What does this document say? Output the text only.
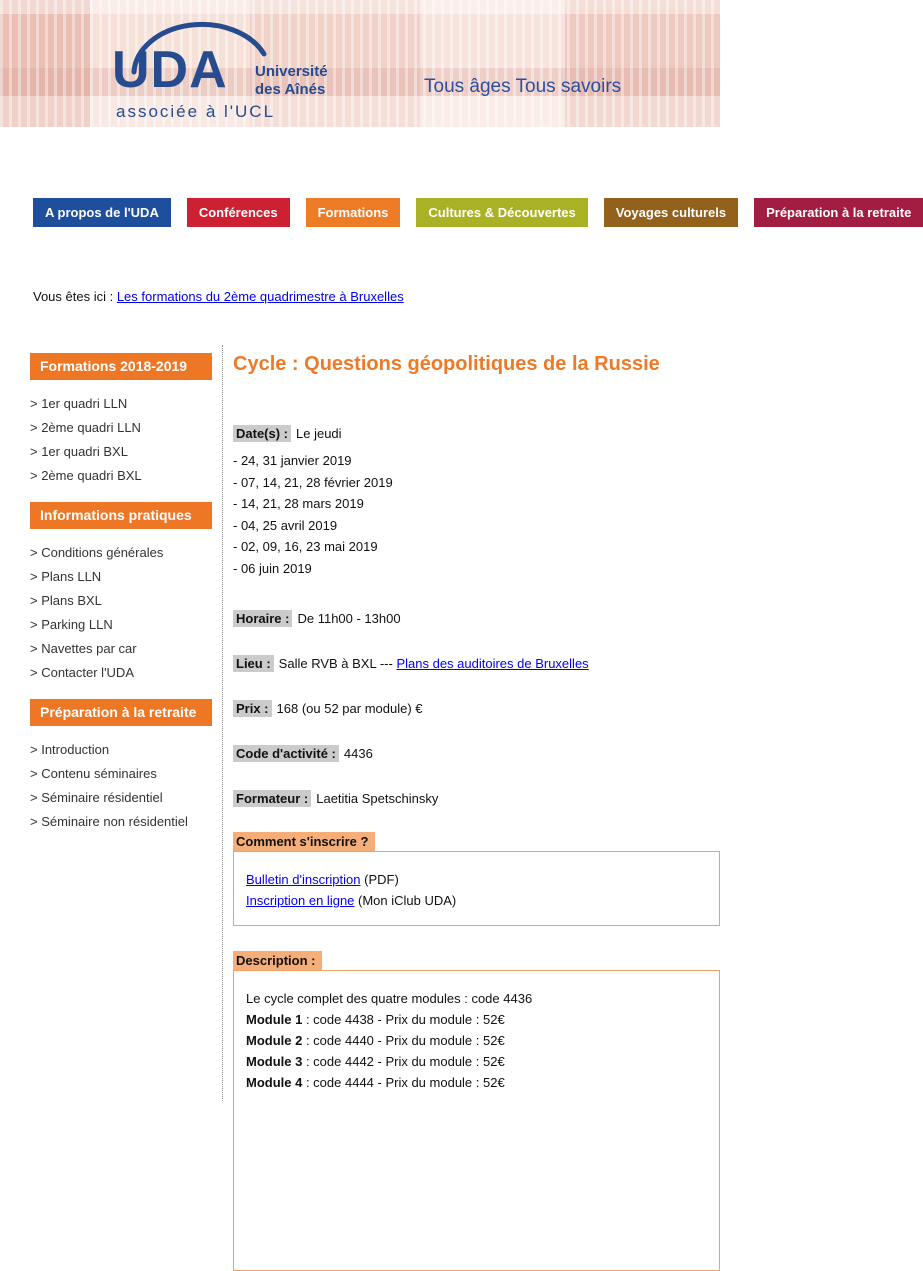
UDA Université
des Aînés
associée à l'UCL
Tous âges Tous savoirs
A propos de l'UDA	Conférences	Formations	Cultures & Découvertes	Voyages culturels	Préparation à la retraite
Vous êtes ici : Les formations du 2ème quadrimestre à Bruxelles
Formations 2018-2019
> 1er quadri LLN
> 2ème quadri LLN
> 1er quadri BXL
> 2ème quadri BXL
Informations pratiques
> Conditions générales
> Plans LLN
> Plans BXL
> Parking LLN
> Navettes par car
> Contacter l'UDA
Préparation à la retraite
> Introduction
> Contenu séminaires
> Séminaire résidentiel
> Séminaire non résidentiel
Cycle : Questions géopolitiques de la Russie
Date(s) : Le jeudi
- 24, 31 janvier 2019
- 07, 14, 21, 28 février 2019
- 14, 21, 28 mars 2019
- 04, 25 avril 2019
- 02, 09, 16, 23 mai 2019
- 06 juin 2019
Horaire : De 11h00 - 13h00
Lieu : Salle RVB à BXL --- Plans des auditoires de Bruxelles
Prix : 168 (ou 52 par module) €
Code d'activité : 4436
Formateur : Laetitia Spetschinsky
Comment s'inscrire ?
Bulletin d'inscription (PDF)
Inscription en ligne (Mon iClub UDA)
Description :
Le cycle complet des quatre modules : code 4436
Module 1 : code 4438 - Prix du module : 52€
Module 2 : code 4440 - Prix du module : 52€
Module 3 : code 4442 - Prix du module : 52€
Module 4 : code 4444 - Prix du module : 52€
